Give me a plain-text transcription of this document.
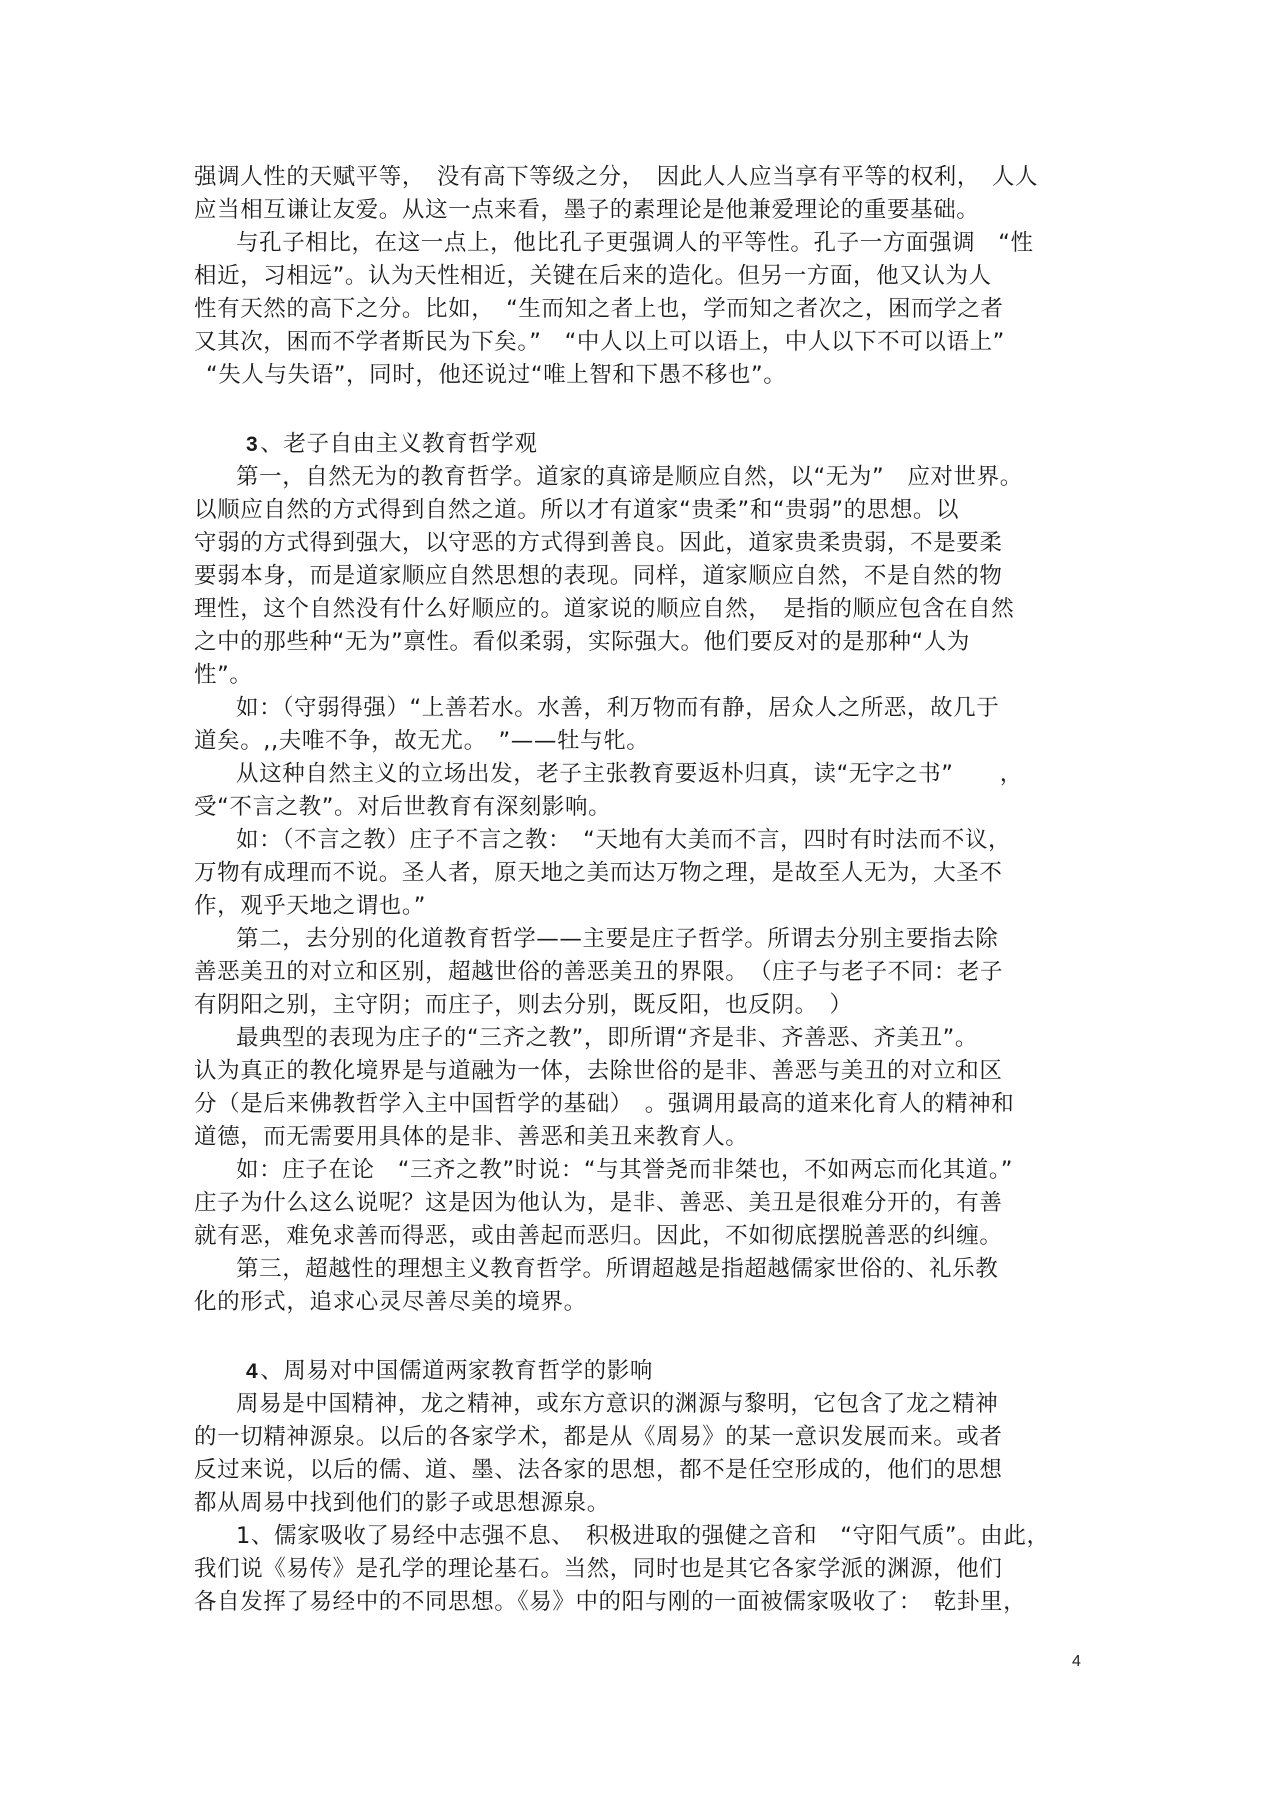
强调人性的天赋平等，　没有高下等级之分，　因此人人应当享有平等的权利，　人人
应当相互谦让友爱。从这一点来看，墨子的素理论是他兼爱理论的重要基础。
与孔子相比，在这一点上，他比孔子更强调人的平等性。孔子一方面强调　“性
相近，习相远”。认为天性相近，关键在后来的造化。但另一方面，他又认为人
性有天然的高下之分。比如，　“生而知之者上也，学而知之者次之，困而学之者
又其次，困而不学者斯民为下矣。”　“中人以上可以语上，中人以下不可以语上”
“失人与失语”，同时，他还说过“唯上智和下愚不移也”。
3、老子自由主义教育哲学观
第一，自然无为的教育哲学。道家的真谛是顺应自然，以“无为”　应对世界。
以顺应自然的方式得到自然之道。所以才有道家“贵柔”和“贵弱”的思想。以
守弱的方式得到强大，以守恶的方式得到善良。因此，道家贵柔贵弱，不是要柔
要弱本身，而是道家顺应自然思想的表现。同样，道家顺应自然，不是自然的物
理性，这个自然没有什么好顺应的。道家说的顺应自然，　是指的顺应包含在自然
之中的那些种“无为”禀性。看似柔弱，实际强大。他们要反对的是那种“人为
性”。
如：（守弱得强）“上善若水。水善，利万物而有静，居众人之所恶，故几于
道矣。,,夫唯不争，故无尤。　”——牡与牝。
从这种自然主义的立场出发，老子主张教育要返朴归真，读“无字之书”　　，
受“不言之教”。对后世教育有深刻影响。
如：（不言之教）庄子不言之教：　“天地有大美而不言，四时有时法而不议，
万物有成理而不说。圣人者，原天地之美而达万物之理，是故至人无为，大圣不
作，观乎天地之谓也。”
第二，去分别的化道教育哲学——主要是庄子哲学。所谓去分别主要指去除
善恶美丑的对立和区别，超越世俗的善恶美丑的界限。　（庄子与老子不同：老子
有阴阳之别，主守阴；而庄子，则去分别，既反阳，也反阴。　）
最典型的表现为庄子的“三齐之教”，即所谓“齐是非、齐善恶、齐美丑”。
认为真正的教化境界是与道融为一体，去除世俗的是非、善恶与美丑的对立和区
分（是后来佛教哲学入主中国哲学的基础）　。强调用最高的道来化育人的精神和
道德，而无需要用具体的是非、善恶和美丑来教育人。
如：庄子在论　“三齐之教”时说：“与其誉尧而非桀也，不如两忘而化其道。”
庄子为什么这么说呢？这是因为他认为，是非、善恶、美丑是很难分开的，有善
就有恶，难免求善而得恶，或由善起而恶归。因此，不如彻底摆脱善恶的纠缠。
第三，超越性的理想主义教育哲学。所谓超越是指超越儒家世俗的、礼乐教
化的形式，追求心灵尽善尽美的境界。
4、周易对中国儒道两家教育哲学的影响
周易是中国精神，龙之精神，或东方意识的渊源与黎明，它包含了龙之精神
的一切精神源泉。以后的各家学术，都是从《周易》的某一意识发展而来。或者
反过来说，以后的儒、道、墨、法各家的思想，都不是任空形成的，他们的思想
都从周易中找到他们的影子或思想源泉。
1、儒家吸收了易经中志强不息、　积极进取的强健之音和　“守阳气质”。由此，
我们说《易传》是孔学的理论基石。当然，同时也是其它各家学派的渊源，他们
各自发挥了易经中的不同思想。《易》中的阳与刚的一面被儒家吸收了：　乾卦里，
4
